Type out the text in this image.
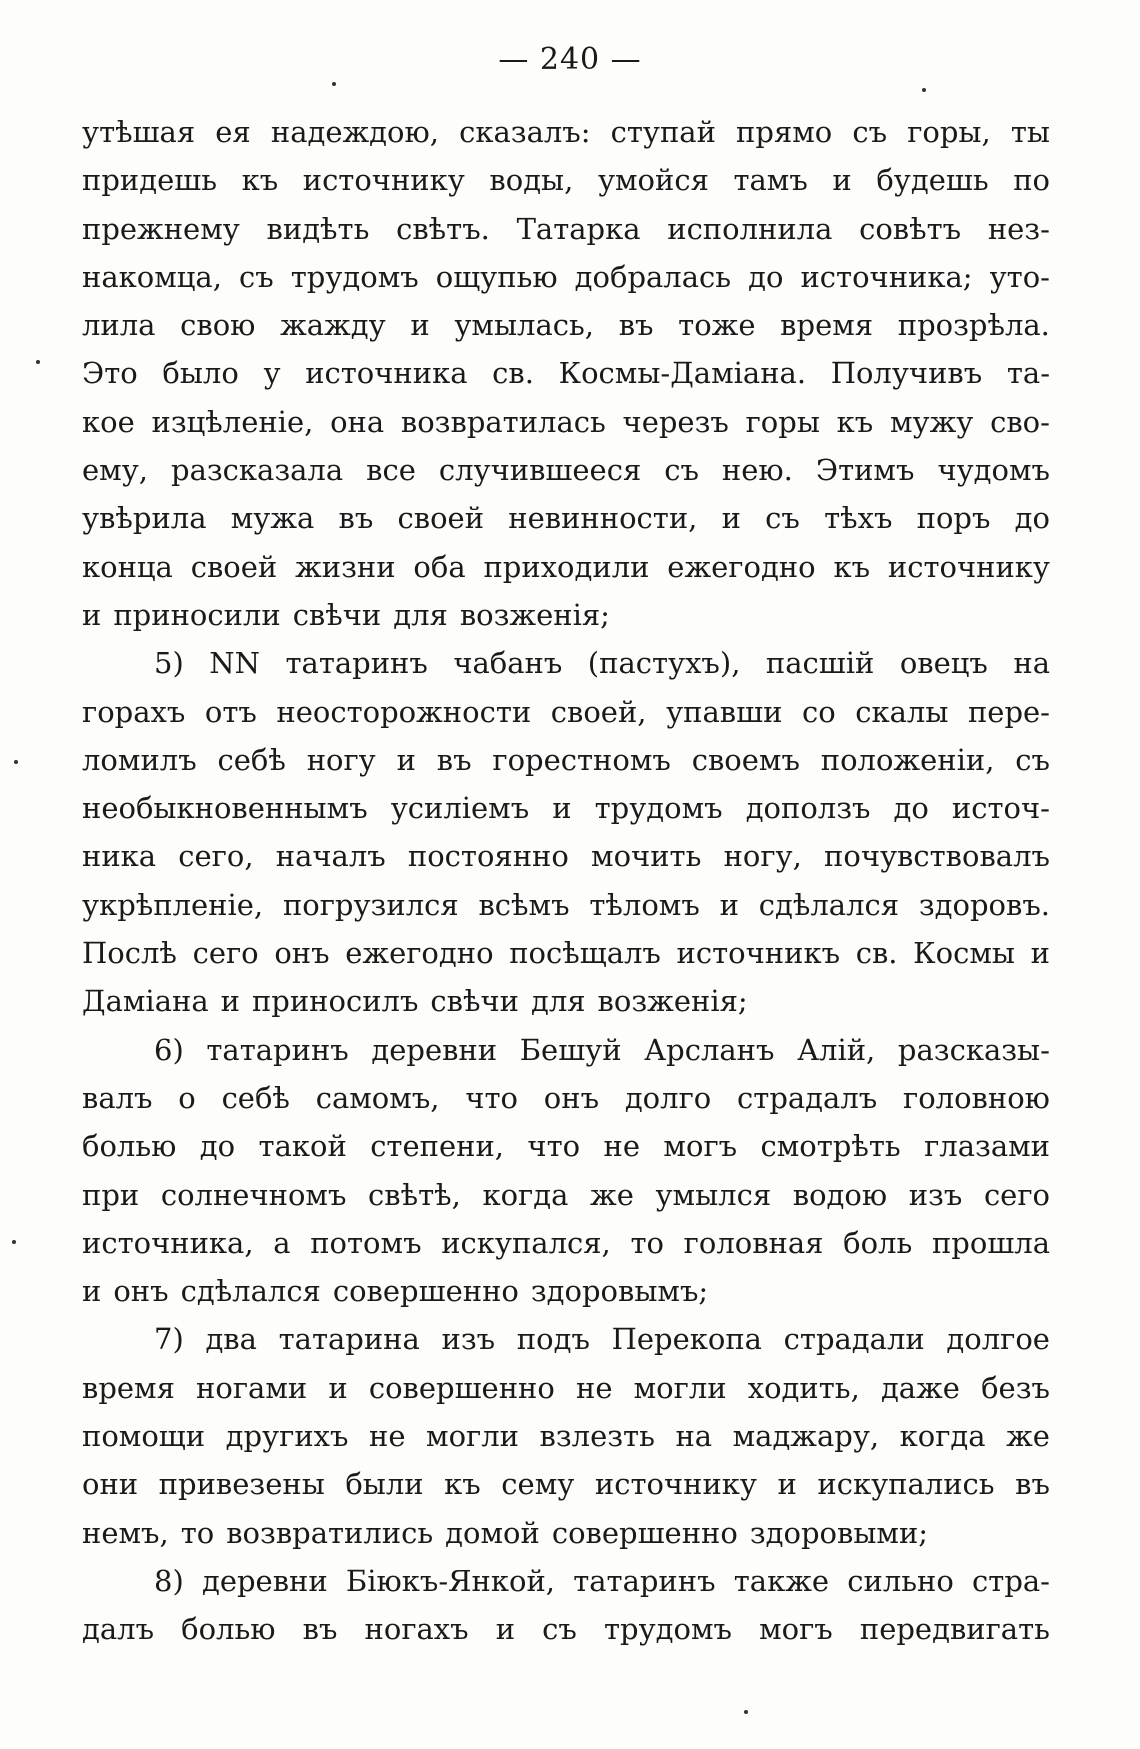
— 240 —
утѣшая ея надеждою, сказалъ: ступай прямо съ горы, ты
придешь къ источнику воды, умойся тамъ и будешь по
прежнему видѣть свѣтъ. Татарка исполнила совѣтъ нез-
накомца, съ трудомъ ощупью добралась до источника; уто-
лила свою жажду и умылась, въ тоже время прозрѣла.
Это было у источника св. Космы-Даміана. Получивъ та-
кое изцѣленіе, она возвратилась черезъ горы къ мужу сво-
ему, разсказала все случившееся съ нею. Этимъ чудомъ
увѣрила мужа въ своей невинности, и съ тѣхъ поръ до
конца своей жизни оба приходили ежегодно къ источнику
и приносили свѣчи для возженія;
5) NN татаринъ чабанъ (пастухъ), пасшій овецъ на
горахъ отъ неосторожности своей, упавши со скалы пере-
ломилъ себѣ ногу и въ горестномъ своемъ положеніи, съ
необыкновеннымъ усиліемъ и трудомъ доползъ до источ-
ника сего, началъ постоянно мочить ногу, почувствовалъ
укрѣпленіе, погрузился всѣмъ тѣломъ и сдѣлался здоровъ.
Послѣ сего онъ ежегодно посѣщалъ источникъ св. Космы и
Даміана и приносилъ свѣчи для возженія;
6) татаринъ деревни Бешуй Арсланъ Алій, разсказы-
валъ о себѣ самомъ, что онъ долго страдалъ головною
болью до такой степени, что не могъ смотрѣть глазами
при солнечномъ свѣтѣ, когда же умылся водою изъ сего
источника, а потомъ искупался, то головная боль прошла
и онъ сдѣлался совершенно здоровымъ;
7) два татарина изъ подъ Перекопа страдали долгое
время ногами и совершенно не могли ходить, даже безъ
помощи другихъ не могли взлезть на маджару, когда же
они привезены были къ сему источнику и искупались въ
немъ, то возвратились домой совершенно здоровыми;
8) деревни Біюкъ-Янкой, татаринъ также сильно стра-
далъ болью въ ногахъ и съ трудомъ могъ передвигать
